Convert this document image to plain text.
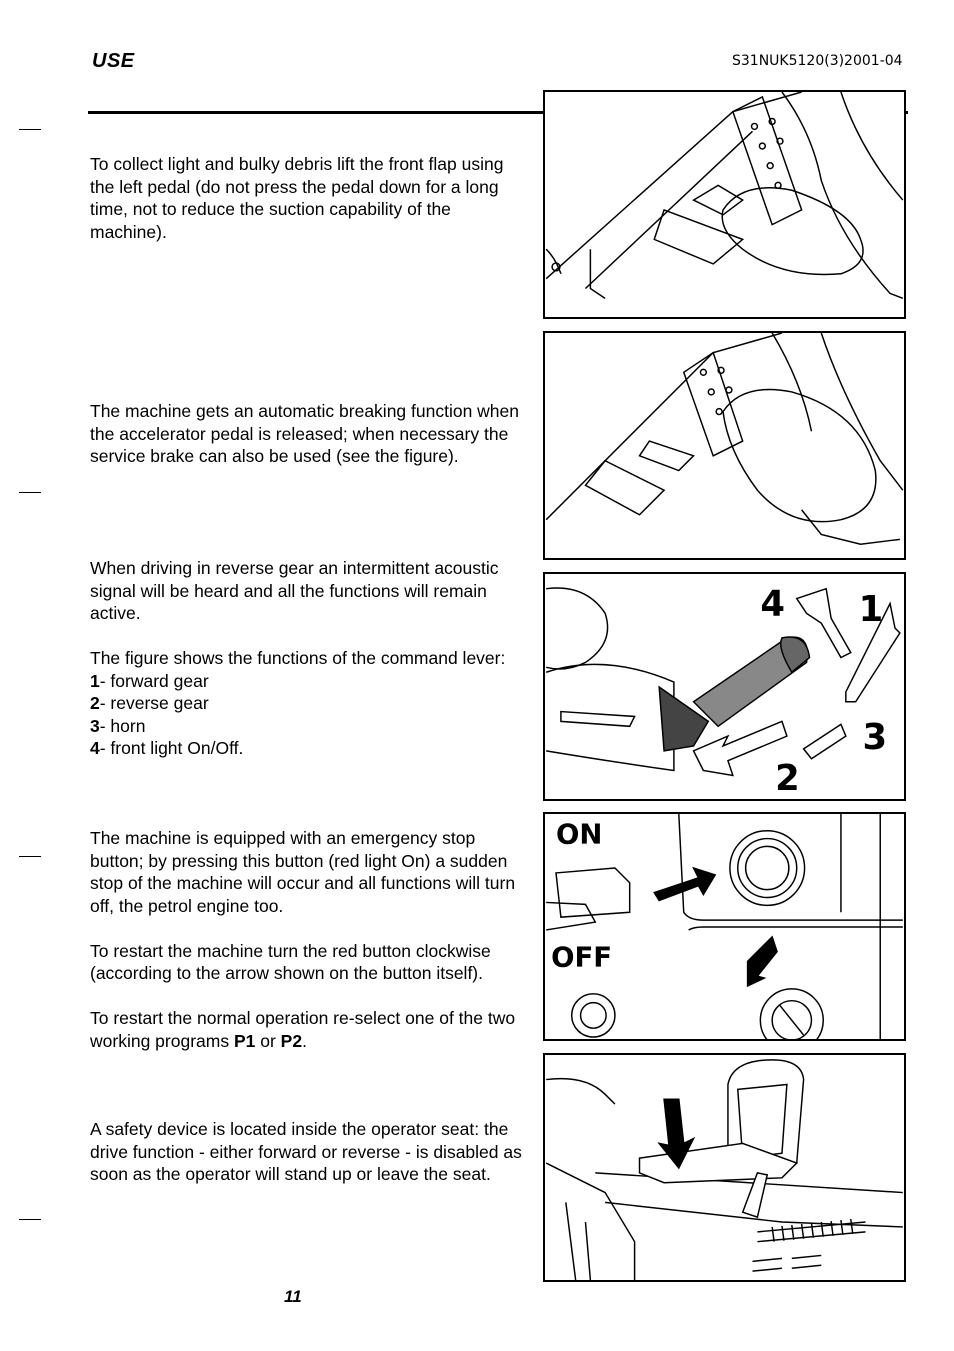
USE	S31NUK5120(3)2001-04

To collect light and bulky debris lift the front flap using the left pedal (do not press the pedal down for a long time, not to reduce the suction capability of the machine).

The machine gets an automatic breaking function when the accelerator pedal is released; when necessary the service brake can also be used (see the figure).

When driving in reverse gear an intermittent acoustic signal will be heard and all the functions will remain active.

The figure shows the functions of the command lever:

1- forward gear

2- reverse gear

3- horn

4- front light On/Off.

The machine is equipped with an emergency stop button; by pressing this button (red light On) a sudden stop of the machine will occur and all functions will turn off, the petrol engine too.

To restart the machine turn the red button clockwise (according to the arrow shown on the button itself).

To restart the normal operation re-select one of the two working programs P1 or P2.

A safety device is located inside the operator seat: the drive function - either forward or reverse - is disabled as soon as the operator will stand up or leave the seat.

4 1
3
2
ON
OFF
11
